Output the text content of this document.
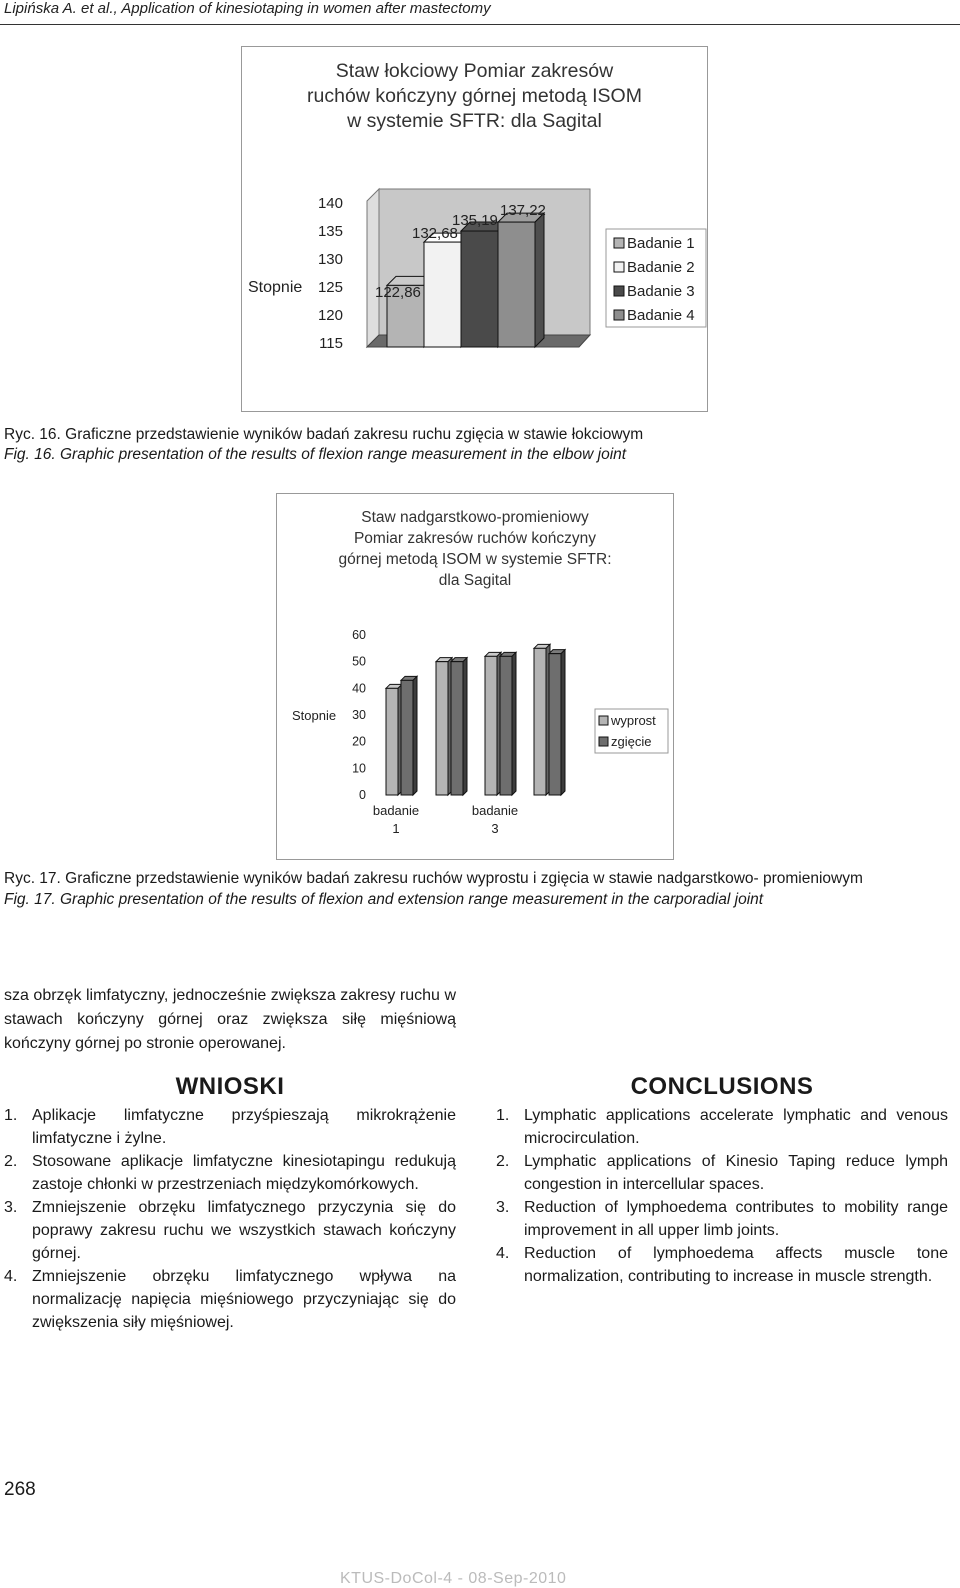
Lipińska A. et al., Application of kinesiotaping in women after mastectomy
Staw łokciowy Pomiar zakresów
ruchów kończyny górnej metodą ISOM
w systemie SFTR: dla Sagital
140
135
130
125
120
115
Stopnie	122,86
132,68
135,19
137,22
Badanie 1
Badanie 2
Badanie 3
Badanie 4
Ryc. 16. Graficzne przedstawienie wyników badań zakresu ruchu zgięcia w stawie łokciowym
Fig. 16. Graphic presentation of the results of flexion range measurement in the elbow joint
Staw nadgarstkowo-promieniowy
Pomiar zakresów ruchów kończyny
górnej metodą ISOM w systemie SFTR:
dla Sagital
60
50
40
30
20
10
0
Stopnie
badanie
1
badanie
3
wyprost
zgięcie
Ryc. 17. Graficzne przedstawienie wyników badań zakresu ruchów wyprostu i zgięcia w stawie nadgarstkowo- promieniowym
Fig. 17. Graphic presentation of the results of flexion and extension range measurement in the carporadial joint
sza obrzęk limfatyczny, jednocześnie zwiększa zakresy ruchu w stawach kończyny górnej oraz zwiększa siłę mięśniową kończyny górnej po stronie operowanej.
WNIOSKI
1. Aplikacje limfatyczne przyśpieszają mikrokrążenie limfatyczne i żylne.
2. Stosowane aplikacje limfatyczne kinesiotapingu redukują zastoje chłonki w przestrzeniach międzykomórkowych.
3. Zmniejszenie obrzęku limfatycznego przyczynia się do poprawy zakresu ruchu we wszystkich stawach kończyny górnej.
4. Zmniejszenie obrzęku limfatycznego wpływa na normalizację napięcia mięśniowego przyczyniając się do zwiększenia siły mięśniowej.
CONCLUSIONS
1. Lymphatic applications accelerate lymphatic and venous microcirculation.
2. Lymphatic applications of Kinesio Taping reduce lymph congestion in intercellular spaces.
3. Reduction of lymphoedema contributes to mobility range improvement in all upper limb joints.
4. Reduction of lymphoedema affects muscle tone normalization, contributing to increase in muscle strength.
268
KTUS-DoCol-4 - 08-Sep-2010
